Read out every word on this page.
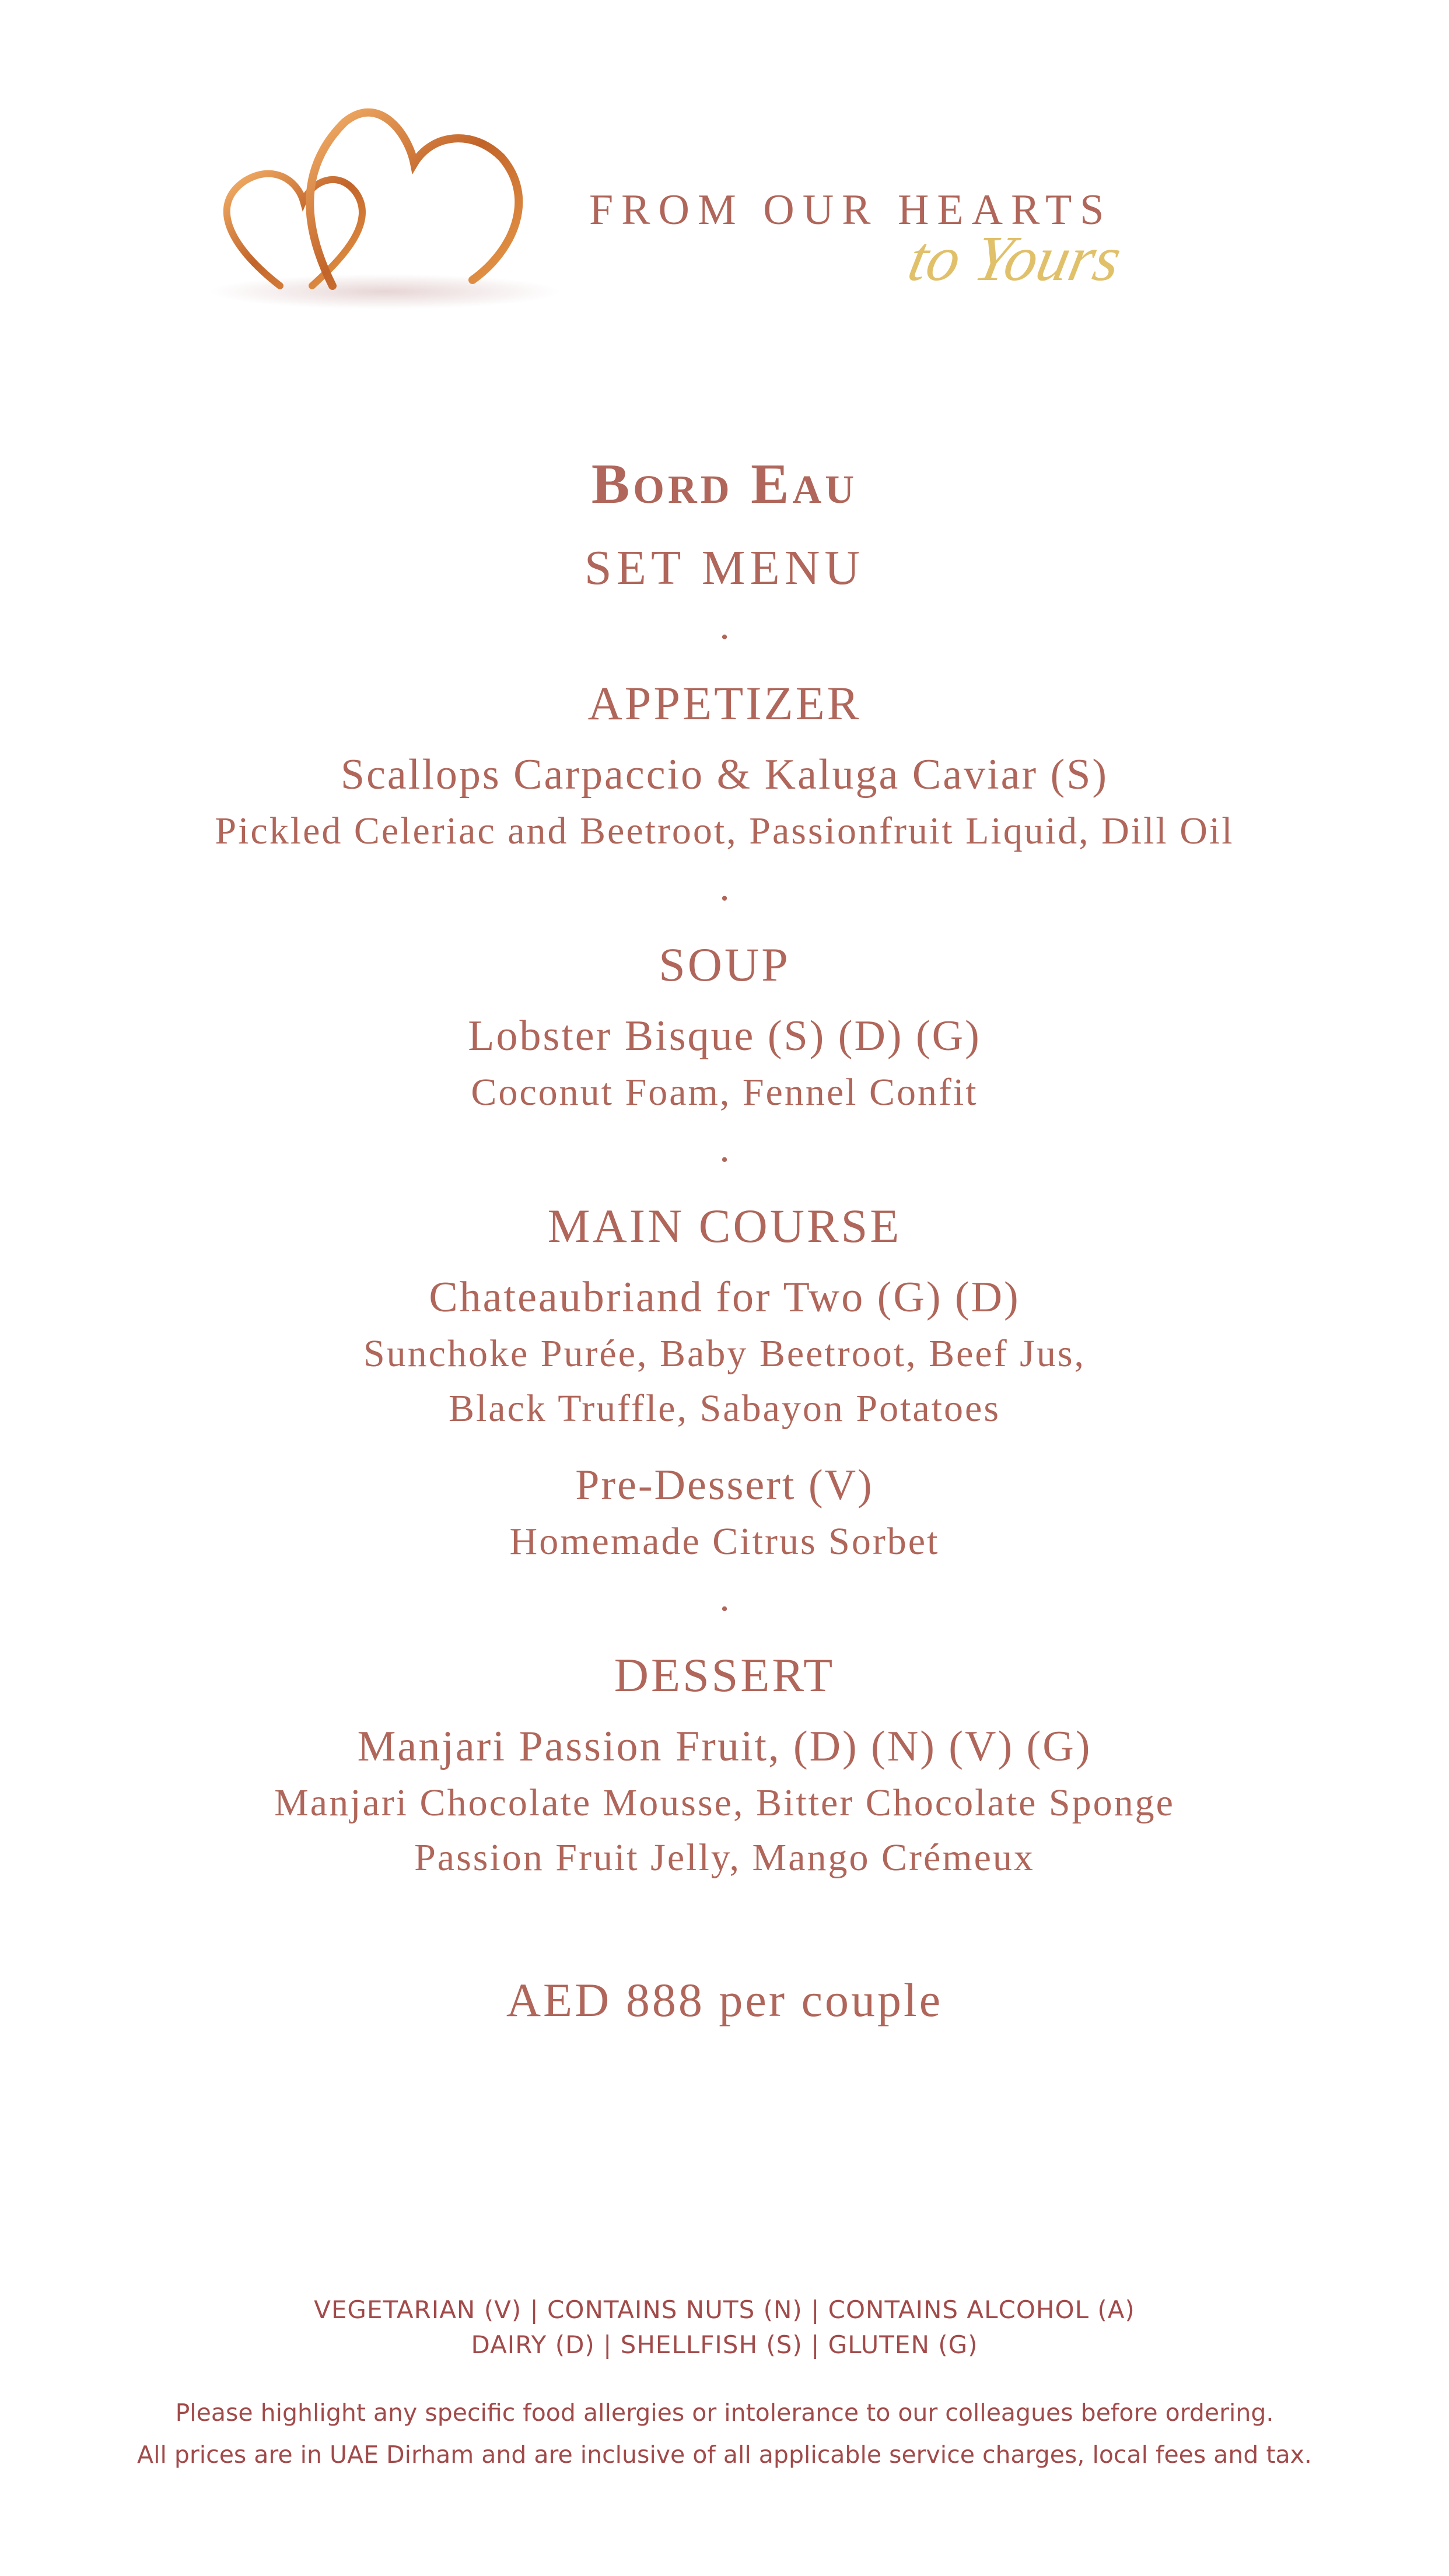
FROM OUR HEARTS
to Yours
Bord Eau
SET MENU
·
APPETIZER
Scallops Carpaccio & Kaluga Caviar (S)
Pickled Celeriac and Beetroot, Passionfruit Liquid, Dill Oil
·
SOUP
Lobster Bisque (S) (D) (G)
Coconut Foam, Fennel Confit
·
MAIN COURSE
Chateaubriand for Two (G) (D)
Sunchoke Purée, Baby Beetroot, Beef Jus,
Black Truffle, Sabayon Potatoes
Pre-Dessert (V)
Homemade Citrus Sorbet
·
DESSERT
Manjari Passion Fruit, (D) (N) (V) (G)
Manjari Chocolate Mousse, Bitter Chocolate Sponge
Passion Fruit Jelly, Mango Crémeux
AED 888 per couple
VEGETARIAN (V) | CONTAINS NUTS (N) | CONTAINS ALCOHOL (A)
DAIRY (D) | SHELLFISH (S) | GLUTEN (G)
Please highlight any specific food allergies or intolerance to our colleagues before ordering.
All prices are in UAE Dirham and are inclusive of all applicable service charges, local fees and tax.
